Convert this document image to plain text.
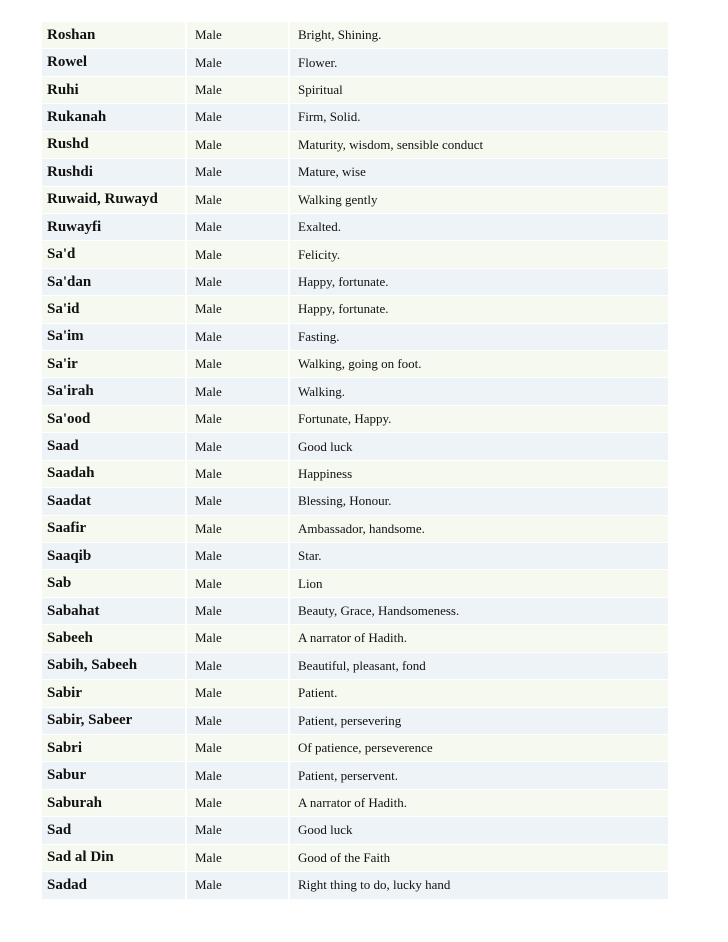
Roshan	Male	Bright, Shining.
Rowel	Male	Flower.
Ruhi	Male	Spiritual
Rukanah	Male	Firm, Solid.
Rushd	Male	Maturity, wisdom, sensible conduct
Rushdi	Male	Mature, wise
Ruwaid, Ruwayd	Male	Walking gently
Ruwayfi	Male	Exalted.
Sa'd	Male	Felicity.
Sa'dan	Male	Happy, fortunate.
Sa'id	Male	Happy, fortunate.
Sa'im	Male	Fasting.
Sa'ir	Male	Walking, going on foot.
Sa'irah	Male	Walking.
Sa'ood	Male	Fortunate, Happy.
Saad	Male	Good luck
Saadah	Male	Happiness
Saadat	Male	Blessing, Honour.
Saafir	Male	Ambassador, handsome.
Saaqib	Male	Star.
Sab	Male	Lion
Sabahat	Male	Beauty, Grace, Handsomeness.
Sabeeh	Male	A narrator of Hadith.
Sabih, Sabeeh	Male	Beautiful, pleasant, fond
Sabir	Male	Patient.
Sabir, Sabeer	Male	Patient, persevering
Sabri	Male	Of patience, perseverence
Sabur	Male	Patient, perservent.
Saburah	Male	A narrator of Hadith.
Sad	Male	Good luck
Sad al Din	Male	Good of the Faith
Sadad	Male	Right thing to do, lucky hand
